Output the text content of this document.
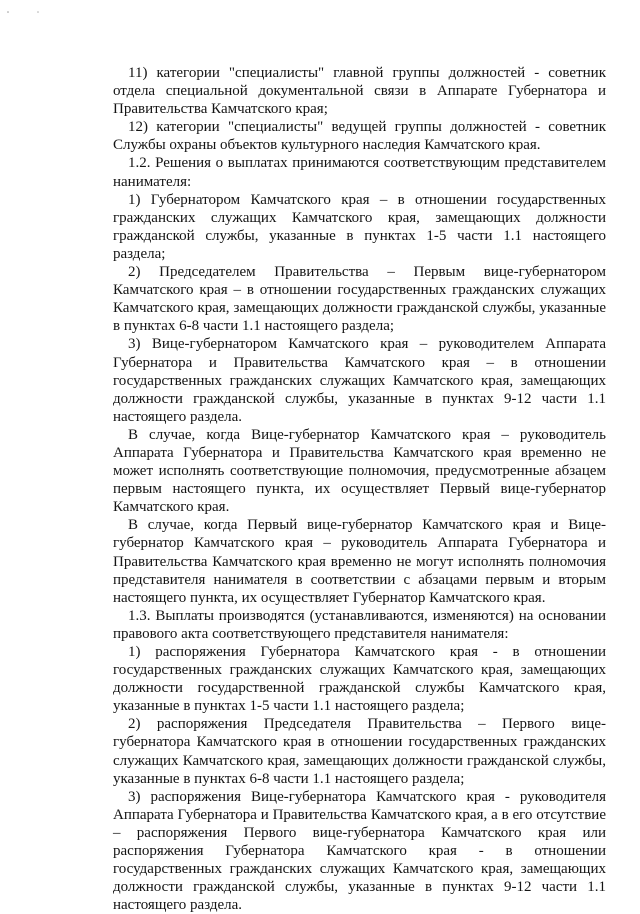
11) категории "специалисты" главной группы должностей - советник отдела специальной документальной связи в Аппарате Губернатора и Правительства Камчатского края;

12) категории "специалисты" ведущей группы должностей - советник Службы охраны объектов культурного наследия Камчатского края.

1.2. Решения о выплатах принимаются соответствующим представителем нанимателя:

1) Губернатором Камчатского края – в отношении государственных гражданских служащих Камчатского края, замещающих должности гражданской службы, указанные в пунктах 1-5 части 1.1 настоящего раздела;

2) Председателем Правительства – Первым вице-губернатором Камчатского края – в отношении государственных гражданских служащих Камчатского края, замещающих должности гражданской службы, указанные в пунктах 6-8 части 1.1 настоящего раздела;

3) Вице-губернатором Камчатского края – руководителем Аппарата Губернатора и Правительства Камчатского края – в отношении государственных гражданских служащих Камчатского края, замещающих должности гражданской службы, указанные в пунктах 9-12 части 1.1 настоящего раздела.

В случае, когда Вице-губернатор Камчатского края – руководитель Аппарата Губернатора и Правительства Камчатского края временно не может исполнять соответствующие полномочия, предусмотренные абзацем первым настоящего пункта, их осуществляет Первый вице-губернатор Камчатского края.

В случае, когда Первый вице-губернатор Камчатского края и Вице-губернатор Камчатского края – руководитель Аппарата Губернатора и Правительства Камчатского края временно не могут исполнять полномочия представителя нанимателя в соответствии с абзацами первым и вторым настоящего пункта, их осуществляет Губернатор Камчатского края.

1.3. Выплаты производятся (устанавливаются, изменяются) на основании правового акта соответствующего представителя нанимателя:

1) распоряжения Губернатора Камчатского края - в отношении государственных гражданских служащих Камчатского края, замещающих должности государственной гражданской службы Камчатского края, указанные в пунктах 1-5 части 1.1 настоящего раздела;

2) распоряжения Председателя Правительства – Первого вице-губернатора Камчатского края в отношении государственных гражданских служащих Камчатского края, замещающих должности гражданской службы, указанные в пунктах 6-8 части 1.1 настоящего раздела;

3) распоряжения Вице-губернатора Камчатского края - руководителя Аппарата Губернатора и Правительства Камчатского края, а в его отсутствие – распоряжения Первого вице-губернатора Камчатского края или распоряжения Губернатора Камчатского края - в отношении государственных гражданских служащих Камчатского края, замещающих должности гражданской службы, указанные в пунктах 9-12 части 1.1 настоящего раздела.
